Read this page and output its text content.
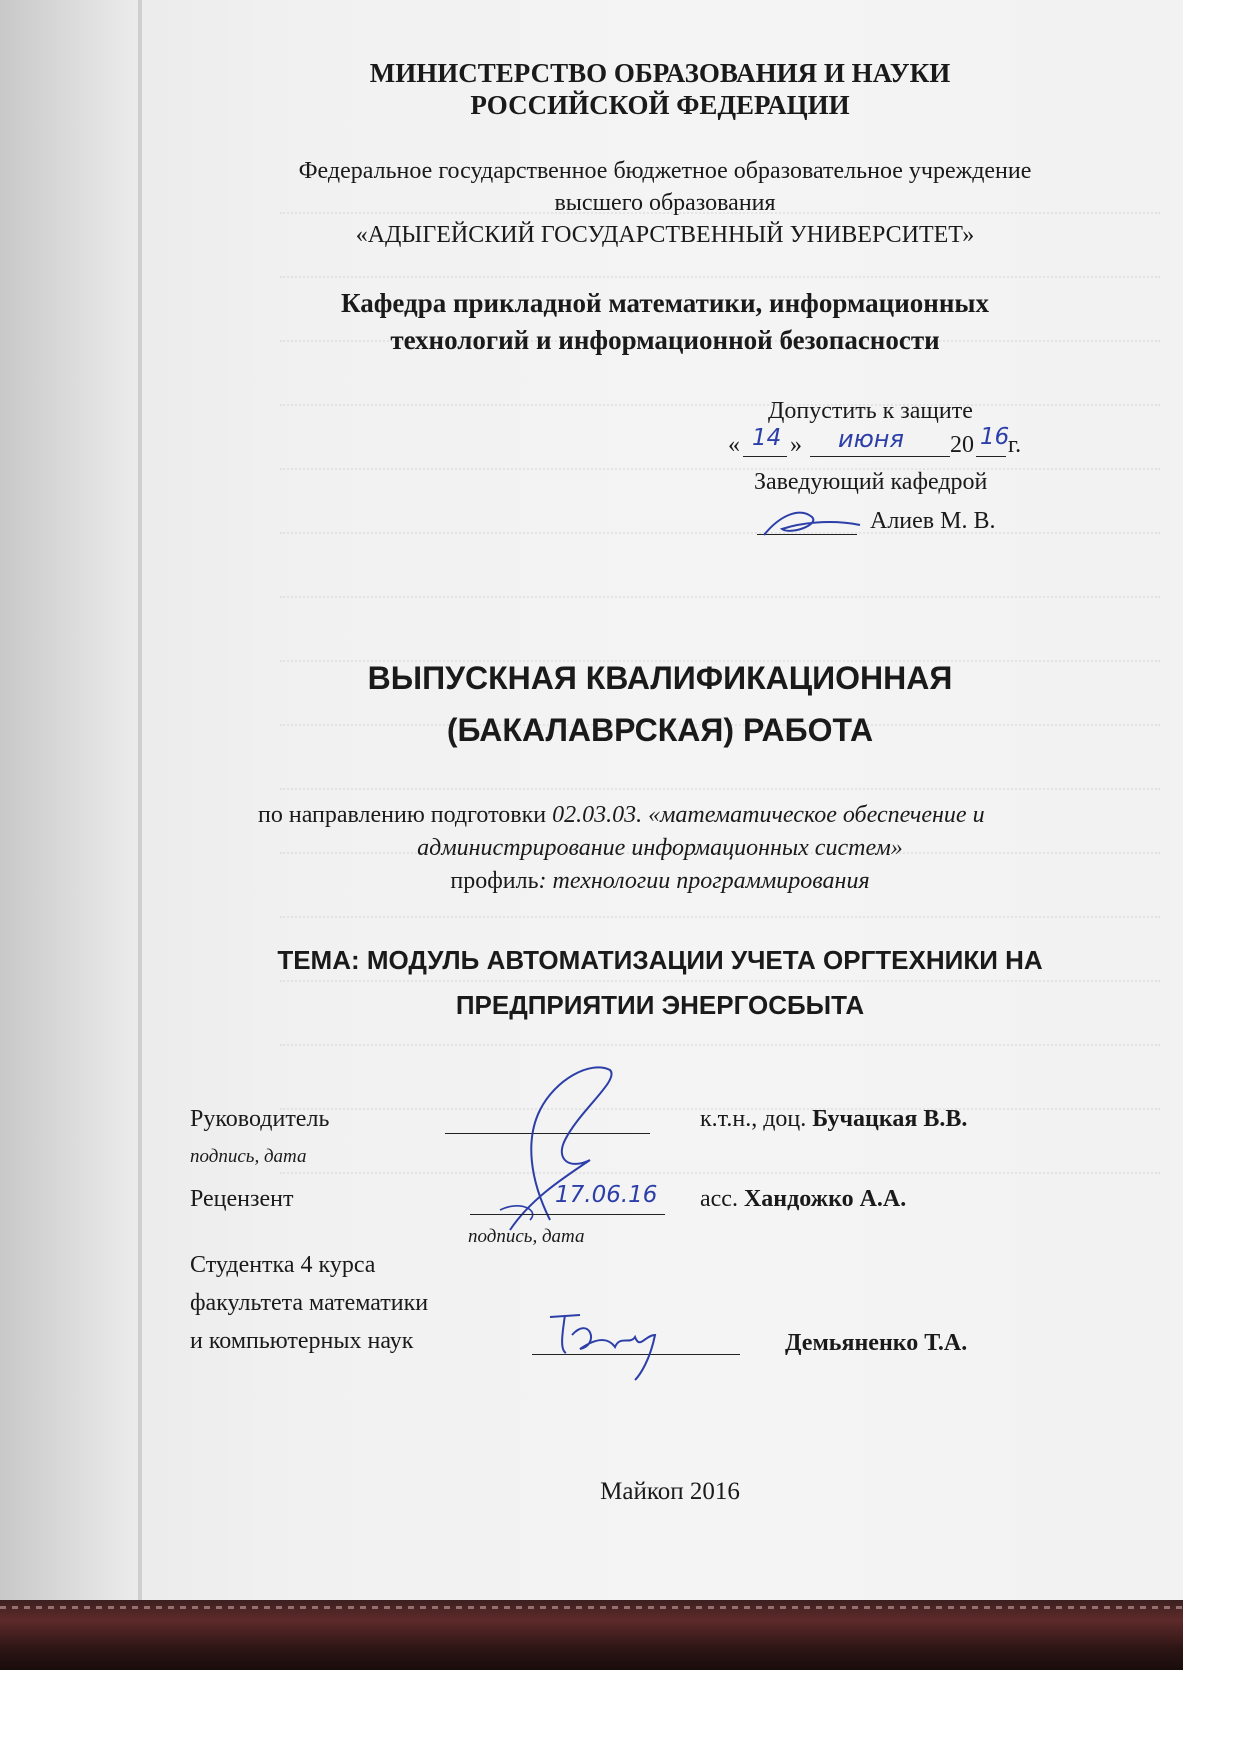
МИНИСТЕРСТВО ОБРАЗОВАНИЯ И НАУКИ
РОССИЙСКОЙ ФЕДЕРАЦИИ
Федеральное государственное бюджетное образовательное учреждение
высшего образования
«АДЫГЕЙСКИЙ ГОСУДАРСТВЕННЫЙ УНИВЕРСИТЕТ»
Кафедра прикладной математики, информационных
технологий и информационной безопасности
Допустить к защите
« 14 » июня 20 16
г.
Заведующий кафедрой
Алиев М. В.
ВЫПУСКНАЯ КВАЛИФИКАЦИОННАЯ
(БАКАЛАВРСКАЯ) РАБОТА
по направлению подготовки 02.03.03. «математическое обеспечение и
администрирование информационных систем»
профиль: технологии программирования
ТЕМА: МОДУЛЬ АВТОМАТИЗАЦИИ УЧЕТА ОРГТЕХНИКИ НА
ПРЕДПРИЯТИИ ЭНЕРГОСБЫТА
Руководитель
подпись, дата
к.т.н., доц. Бучацкая В.В.
Рецензент	17.06.16
подпись, дата
асс. Хандожко А.А.
Студентка 4 курса
факультета математики
и компьютерных наук	Демьяненко Т.А.
Майкоп 2016
